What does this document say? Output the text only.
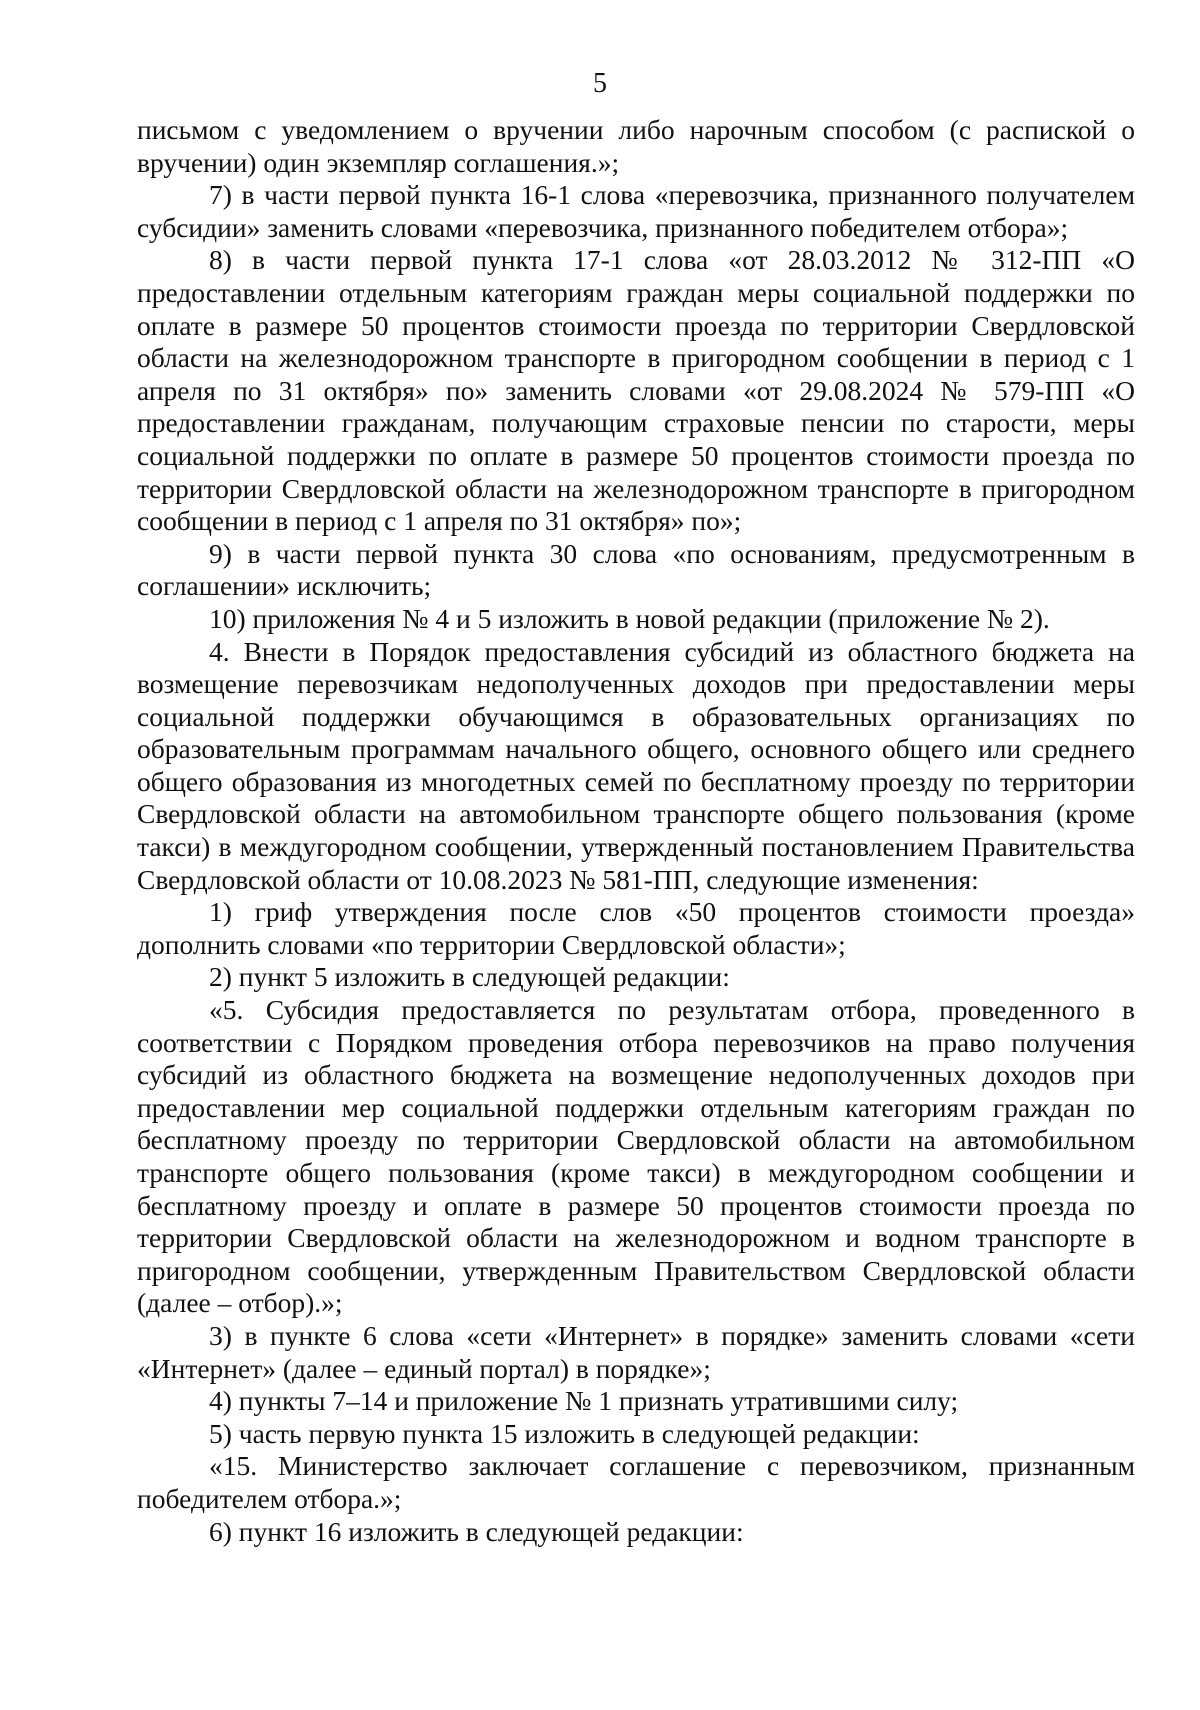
5

письмом с уведомлением о вручении либо нарочным способом (с распиской о вручении) один экземпляр соглашения.»;

7) в части первой пункта 16-1 слова «перевозчика, признанного получателем субсидии» заменить словами «перевозчика, признанного победителем отбора»;

8) в части первой пункта 17-1 слова «от 28.03.2012 № 312-ПП «О предоставлении отдельным категориям граждан меры социальной поддержки по оплате в размере 50 процентов стоимости проезда по территории Свердловской области на железнодорожном транспорте в пригородном сообщении в период с 1 апреля по 31 октября» по» заменить словами «от 29.08.2024 № 579-ПП «О предоставлении гражданам, получающим страховые пенсии по старости, меры социальной поддержки по оплате в размере 50 процентов стоимости проезда по территории Свердловской области на железнодорожном транспорте в пригородном сообщении в период с 1 апреля по 31 октября» по»;

9) в части первой пункта 30 слова «по основаниям, предусмотренным в соглашении» исключить;

10) приложения № 4 и 5 изложить в новой редакции (приложение № 2).

4. Внести в Порядок предоставления субсидий из областного бюджета на возмещение перевозчикам недополученных доходов при предоставлении меры социальной поддержки обучающимся в образовательных организациях по образовательным программам начального общего, основного общего или среднего общего образования из многодетных семей по бесплатному проезду по территории Свердловской области на автомобильном транспорте общего пользования (кроме такси) в междугородном сообщении, утвержденный постановлением Правительства Свердловской области от 10.08.2023 № 581-ПП, следующие изменения:

1) гриф утверждения после слов «50 процентов стоимости проезда» дополнить словами «по территории Свердловской области»;

2) пункт 5 изложить в следующей редакции:

«5. Субсидия предоставляется по результатам отбора, проведенного в соответствии с Порядком проведения отбора перевозчиков на право получения субсидий из областного бюджета на возмещение недополученных доходов при предоставлении мер социальной поддержки отдельным категориям граждан по бесплатному проезду по территории Свердловской области на автомобильном транспорте общего пользования (кроме такси) в междугородном сообщении и бесплатному проезду и оплате в размере 50 процентов стоимости проезда по территории Свердловской области на железнодорожном и водном транспорте в пригородном сообщении, утвержденным Правительством Свердловской области (далее – отбор).»;

3) в пункте 6 слова «сети «Интернет» в порядке» заменить словами «сети «Интернет» (далее – единый портал) в порядке»;

4) пункты 7–14 и приложение № 1 признать утратившими силу;

5) часть первую пункта 15 изложить в следующей редакции:

«15. Министерство заключает соглашение с перевозчиком, признанным победителем отбора.»;

6) пункт 16 изложить в следующей редакции:
